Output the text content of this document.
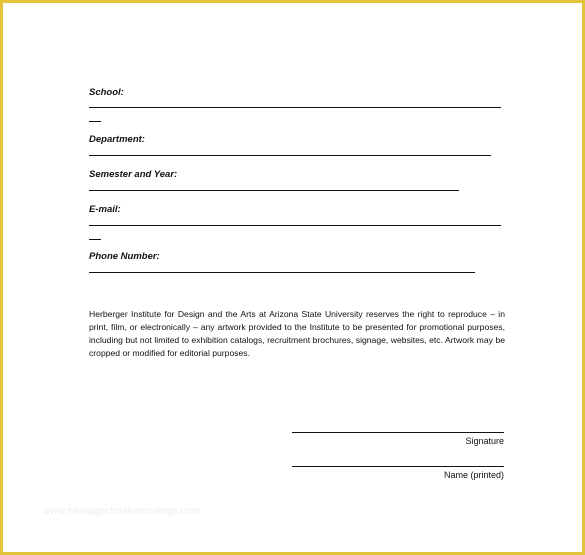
School:
Department:
Semester and Year:
E-mail:
Phone Number:
Herberger Institute for Design and the Arts at Arizona State University reserves the right to reproduce – in print, film, or electronically – any artwork provided to the Institute to be presented for promotional purposes, including but not limited to exhibition catalogs, recruitment brochures, signage, websites, etc. Artwork may be cropped or modified for editorial purposes.
Signature
Name (printed)
www.heritagechristiancollege.com
